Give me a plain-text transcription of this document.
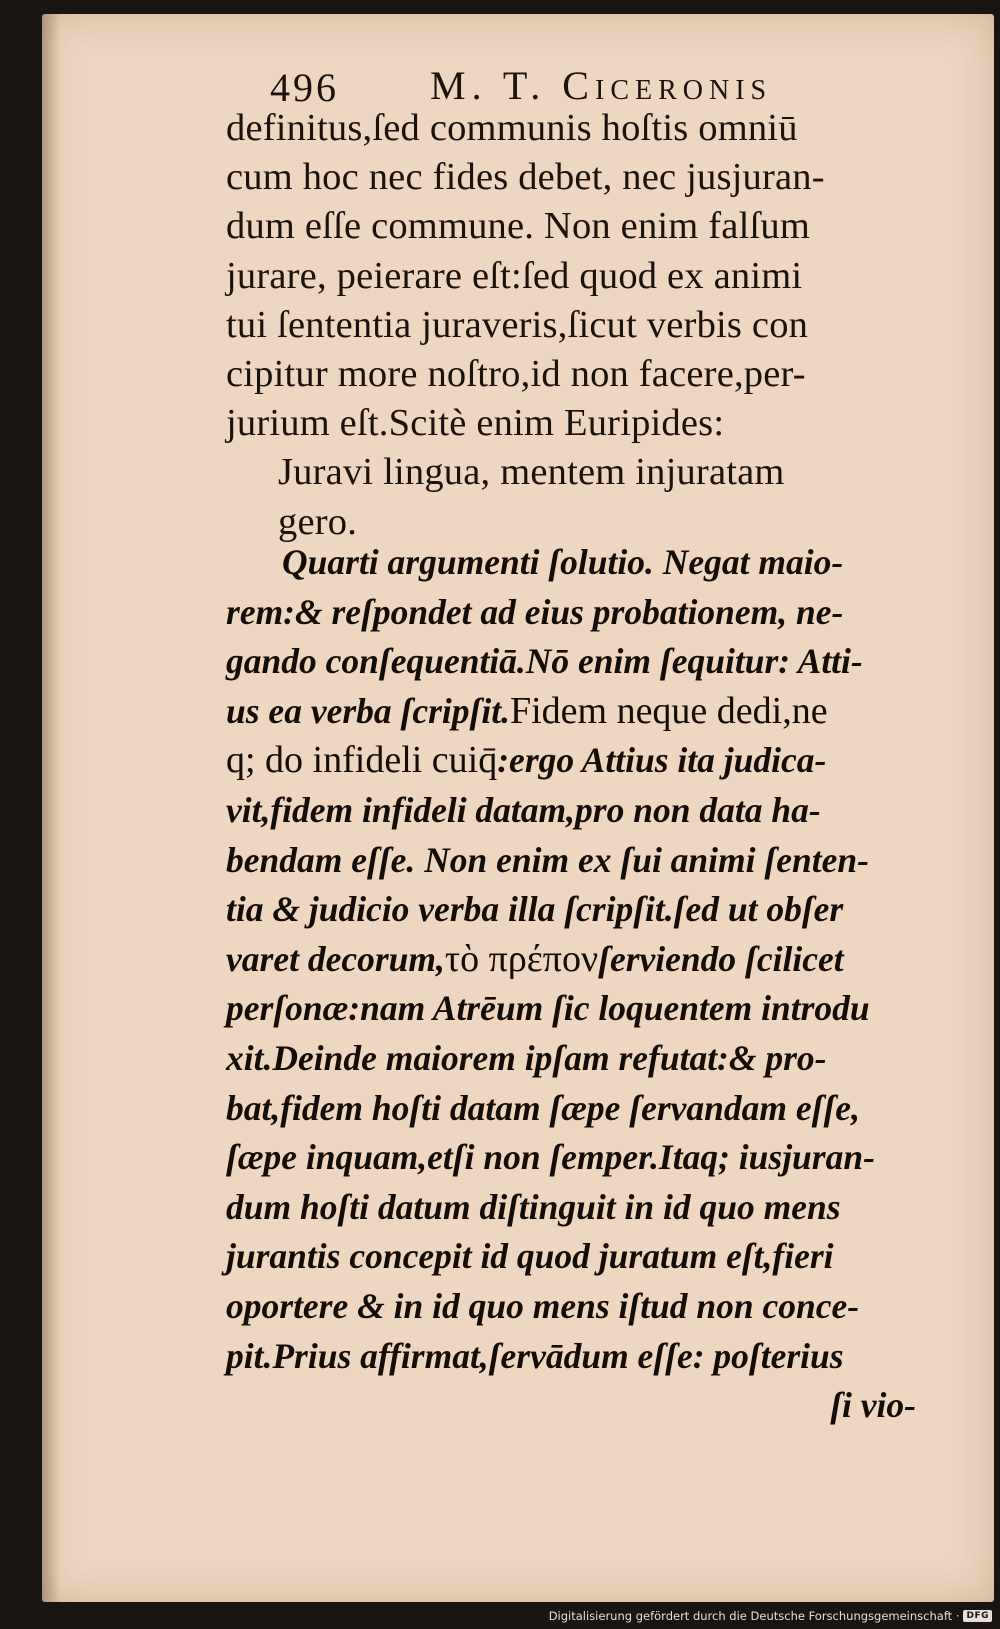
496 M. T. Ciceronis
definitus,ſed communis hoſtis omniū
cum hoc nec fides debet, nec jusjuran-
dum eſſe commune. Non enim falſum
jurare, peierare eſt:ſed quod ex animi
tui ſententia juraveris,ſicut verbis con
cipitur more noſtro,id non facere,per-
jurium eſt.Scitè enim Euripides:
Juravi lingua, mentem injuratam
gero.
Quarti argumenti ſolutio. Negat maio-
rem:& reſpondet ad eius probationem, ne-
gando conſequentiā.Nō enim ſequitur: Atti-
us ea verba ſcripſit.Fidem neque dedi,ne
q; do infideli cuiq̄:ergo Attius ita judica-
vit,fidem infideli datam,pro non data ha-
bendam eſſe. Non enim ex ſui animi ſenten-
tia & judicio verba illa ſcripſit.ſed ut obſer
varet decorum,τὸ πρέπονſerviendo ſcilicet
perſonæ:nam Atrēum ſic loquentem introdu
xit.Deinde maiorem ipſam refutat:& pro-
bat,fidem hoſti datam ſæpe ſervandam eſſe,
ſæpe inquam,etſi non ſemper.Itaq; iusjuran-
dum hoſti datum diſtinguit in id quo mens
jurantis concepit id quod juratum eſt,fieri
oportere & in id quo mens iſtud non conce-
pit.Prius affirmat,ſervādum eſſe: poſterius
ſi vio-
Digitalisierung gefördert durch die Deutsche Forschungsgemeinschaft · DFG
